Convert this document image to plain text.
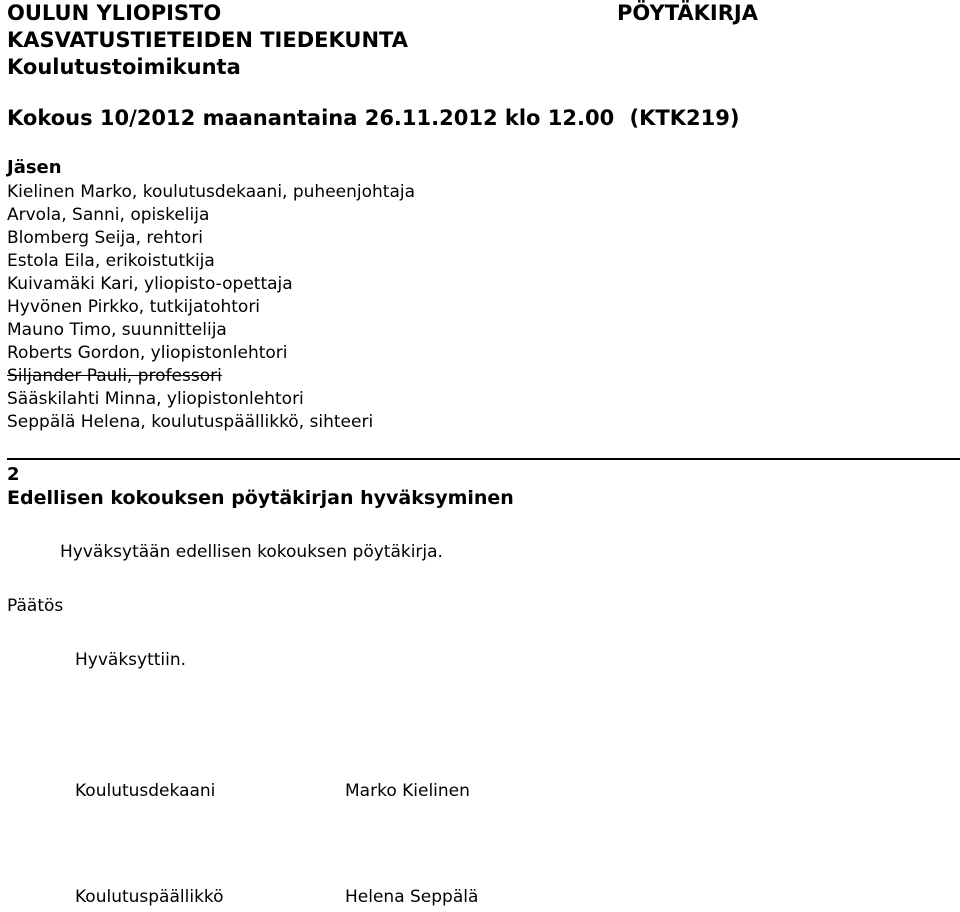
OULUN YLIOPISTO
KASVATUSTIETEIDEN TIEDEKUNTA
Koulutustoimikunta
PÖYTÄKIRJA
Kokous 10/2012 maanantaina 26.11.2012 klo 12.00 (KTK219)
Jäsen
Kielinen Marko, koulutusdekaani, puheenjohtaja
Arvola, Sanni, opiskelija
Blomberg Seija, rehtori
Estola Eila, erikoistutkija
Kuivamäki Kari, yliopisto-opettaja
Hyvönen Pirkko, tutkijatohtori
Mauno Timo, suunnittelija
Roberts Gordon, yliopistonlehtori
Siljander Pauli, professori
Sääskilahti Minna, yliopistonlehtori
Seppälä Helena, koulutuspäällikkö, sihteeri
2
Edellisen kokouksen pöytäkirjan hyväksyminen
Hyväksytään edellisen kokouksen pöytäkirja.
Päätös
Hyväksyttiin.
Koulutusdekaani	Marko Kielinen
Koulutuspäällikkö	Helena Seppälä
